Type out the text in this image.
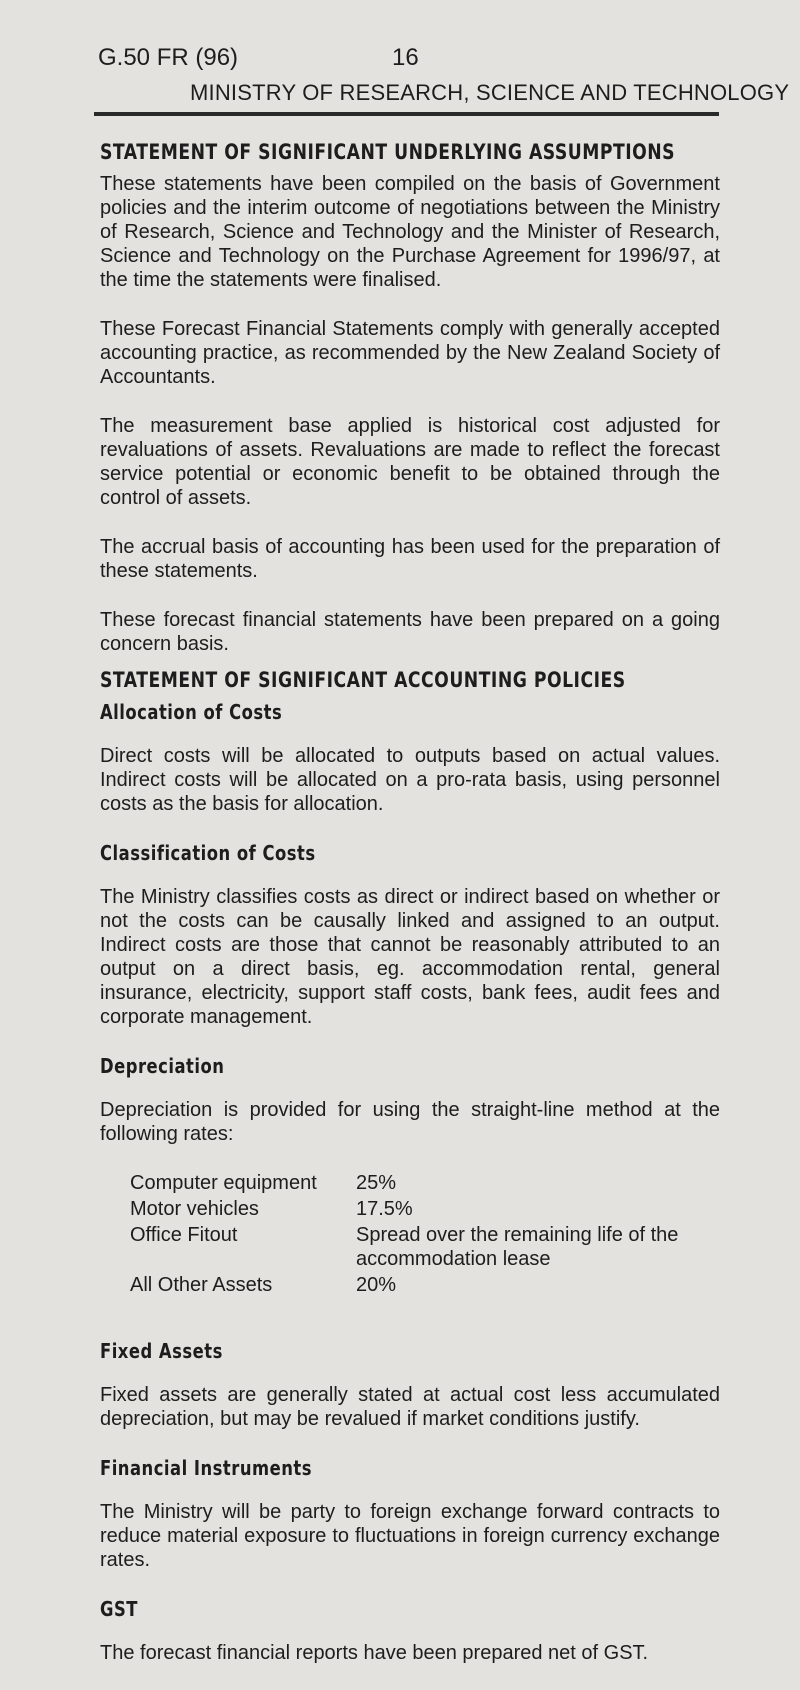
G.50 FR (96)	16
MINISTRY OF RESEARCH, SCIENCE AND TECHNOLOGY
STATEMENT OF SIGNIFICANT UNDERLYING ASSUMPTIONS

These statements have been compiled on the basis of Government policies and the interim outcome of negotiations between the Ministry of Research, Science and Technology and the Minister of Research, Science and Technology on the Purchase Agreement for 1996/97, at the time the statements were finalised.

These Forecast Financial Statements comply with generally accepted accounting practice, as recommended by the New Zealand Society of Accountants.

The measurement base applied is historical cost adjusted for revaluations of assets. Revaluations are made to reflect the forecast service potential or economic benefit to be obtained through the control of assets.

The accrual basis of accounting has been used for the preparation of these statements.

These forecast financial statements have been prepared on a going concern basis.

STATEMENT OF SIGNIFICANT ACCOUNTING POLICIES
Allocation of Costs

Direct costs will be allocated to outputs based on actual values. Indirect costs will be allocated on a pro-rata basis, using personnel costs as the basis for allocation.

Classification of Costs

The Ministry classifies costs as direct or indirect based on whether or not the costs can be causally linked and assigned to an output. Indirect costs are those that cannot be reasonably attributed to an output on a direct basis, eg. accommodation rental, general insurance, electricity, support staff costs, bank fees, audit fees and corporate management.

Depreciation

Depreciation is provided for using the straight-line method at the following rates:

Computer equipment	25%
Motor vehicles	17.5%
Office Fitout	Spread over the remaining life of the accommodation lease
All Other Assets	20%
Fixed Assets

Fixed assets are generally stated at actual cost less accumulated depreciation, but may be revalued if market conditions justify.

Financial Instruments

The Ministry will be party to foreign exchange forward contracts to reduce material exposure to fluctuations in foreign currency exchange rates.

GST

The forecast financial reports have been prepared net of GST.
